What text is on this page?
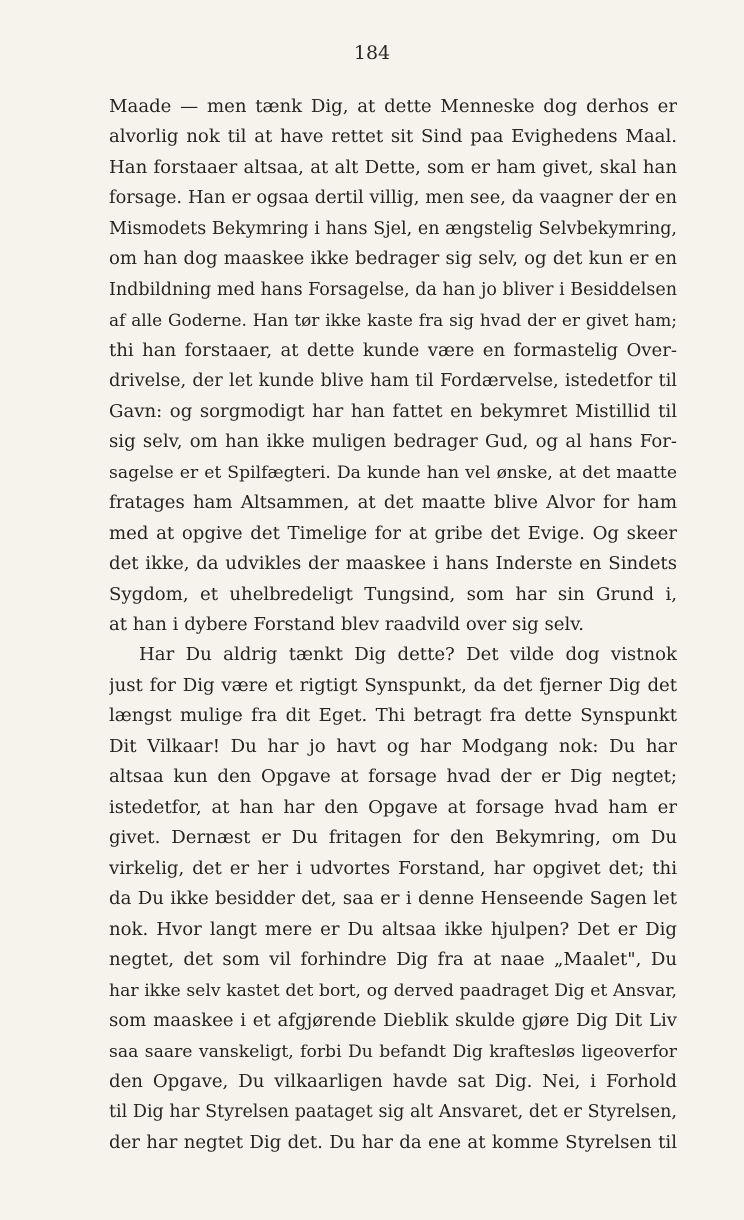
184
Maade — men tænk Dig, at dette Menneske dog derhos er
alvorlig nok til at have rettet sit Sind paa Evighedens Maal.
Han forstaaer altsaa, at alt Dette, som er ham givet, skal han
forsage. Han er ogsaa dertil villig, men see, da vaagner der en
Mismodets Bekymring i hans Sjel, en ængstelig Selvbekymring,
om han dog maaskee ikke bedrager sig selv, og det kun er en
Indbildning med hans Forsagelse, da han jo bliver i Besiddelsen
af alle Goderne. Han tør ikke kaste fra sig hvad der er givet ham;
thi han forstaaer, at dette kunde være en formastelig Over-
drivelse, der let kunde blive ham til Fordærvelse, istedetfor til
Gavn: og sorgmodigt har han fattet en bekymret Mistillid til
sig selv, om han ikke muligen bedrager Gud, og al hans For-
sagelse er et Spilfægteri. Da kunde han vel ønske, at det maatte
fratages ham Altsammen, at det maatte blive Alvor for ham
med at opgive det Timelige for at gribe det Evige. Og skeer
det ikke, da udvikles der maaskee i hans Inderste en Sindets
Sygdom, et uhelbredeligt Tungsind, som har sin Grund i,
at han i dybere Forstand blev raadvild over sig selv.
Har Du aldrig tænkt Dig dette? Det vilde dog vistnok
just for Dig være et rigtigt Synspunkt, da det fjerner Dig det
længst mulige fra dit Eget. Thi betragt fra dette Synspunkt
Dit Vilkaar! Du har jo havt og har Modgang nok: Du har
altsaa kun den Opgave at forsage hvad der er Dig negtet;
istedetfor, at han har den Opgave at forsage hvad ham er
givet. Dernæst er Du fritagen for den Bekymring, om Du
virkelig, det er her i udvortes Forstand, har opgivet det; thi
da Du ikke besidder det, saa er i denne Henseende Sagen let
nok. Hvor langt mere er Du altsaa ikke hjulpen? Det er Dig
negtet, det som vil forhindre Dig fra at naae „Maalet", Du
har ikke selv kastet det bort, og derved paadraget Dig et Ansvar,
som maaskee i et afgjørende Dieblik skulde gjøre Dig Dit Liv
saa saare vanskeligt, forbi Du befandt Dig kraftesløs ligeoverfor
den Opgave, Du vilkaarligen havde sat Dig. Nei, i Forhold
til Dig har Styrelsen paataget sig alt Ansvaret, det er Styrelsen,
der har negtet Dig det. Du har da ene at komme Styrelsen til
